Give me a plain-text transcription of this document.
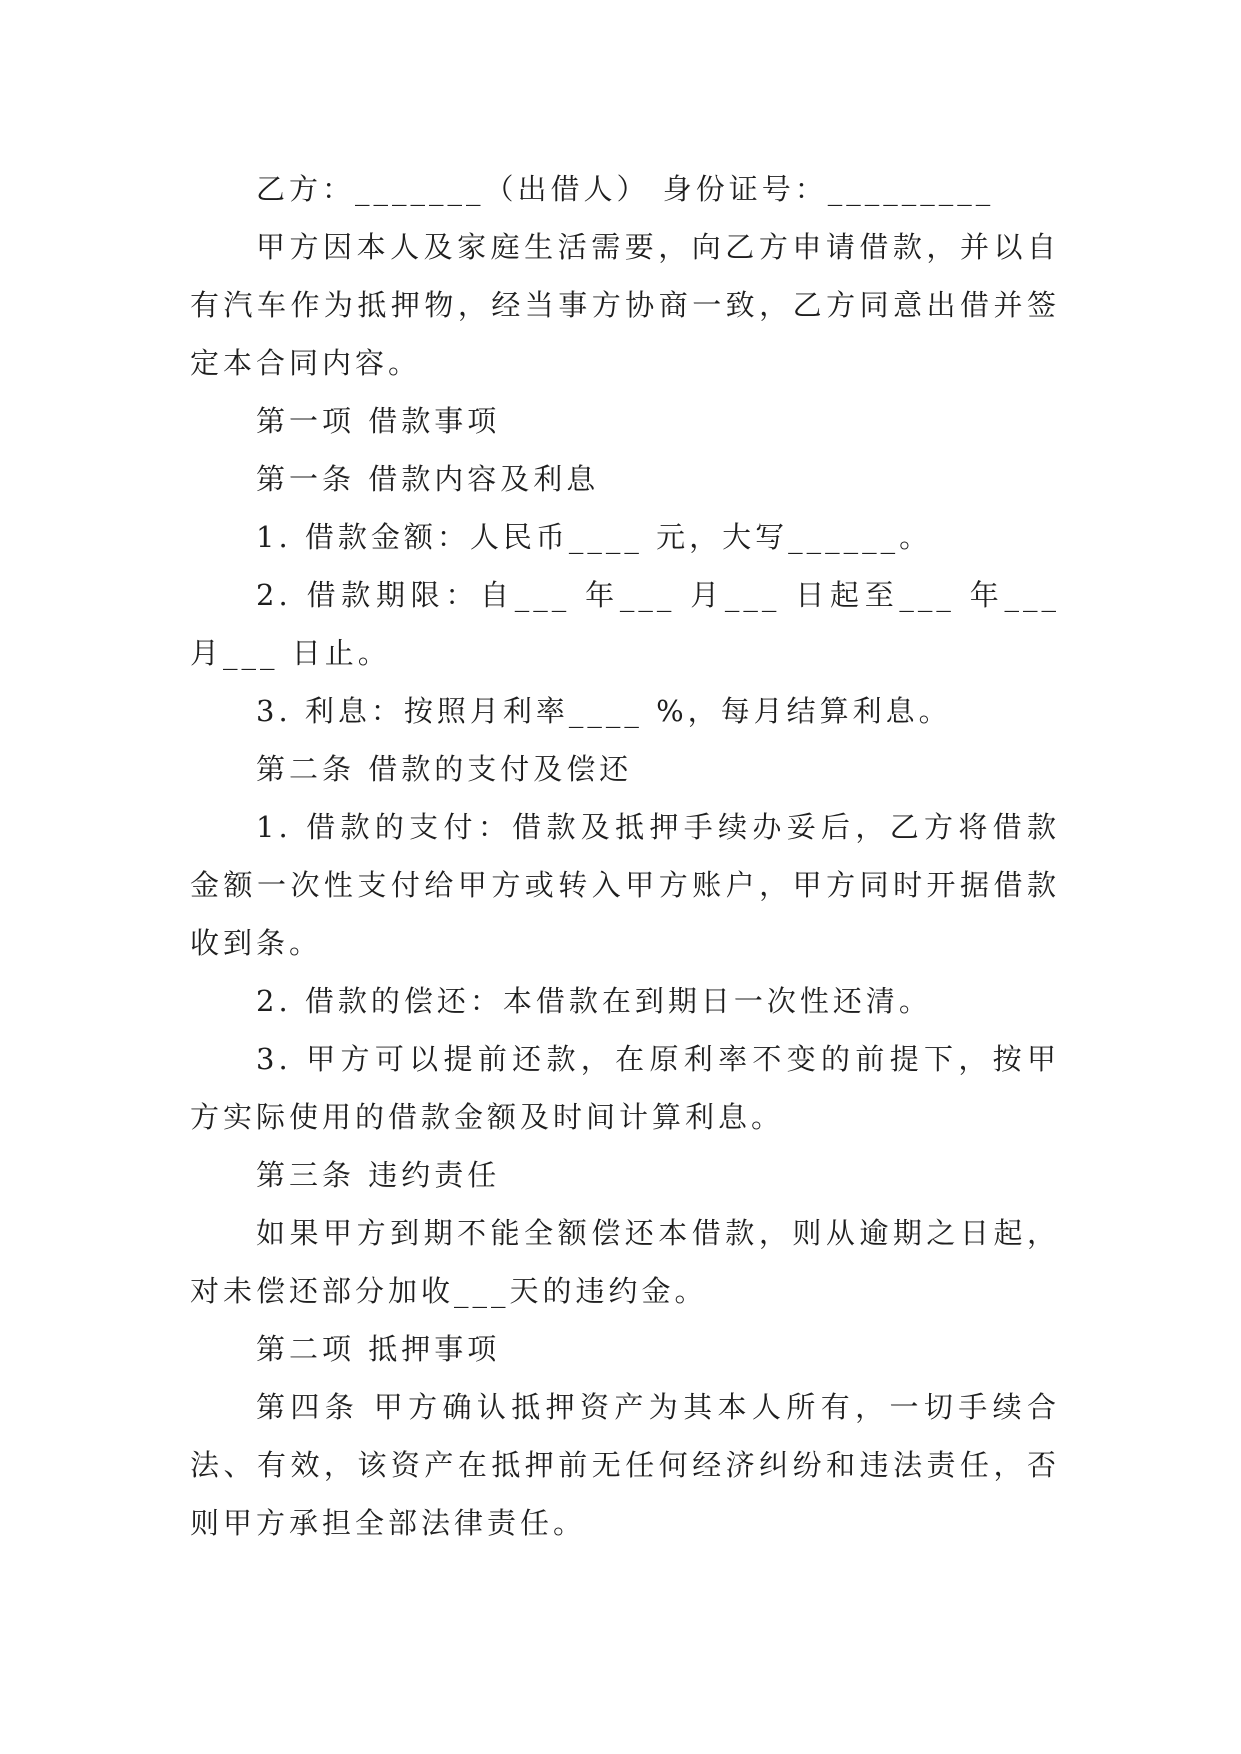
乙方：_______（出借人） 身份证号：_________

甲方因本人及家庭生活需要，向乙方申请借款，并以自有汽车作为抵押物，经当事方协商一致，乙方同意出借并签定本合同内容。

第一项 借款事项

第一条 借款内容及利息

1. 借款金额：人民币____ 元，大写______。

2. 借款期限：自___ 年___ 月___ 日起至___ 年___月___ 日止。

3. 利息：按照月利率____ %，每月结算利息。

第二条 借款的支付及偿还

1. 借款的支付：借款及抵押手续办妥后，乙方将借款金额一次性支付给甲方或转入甲方账户，甲方同时开据借款收到条。

2. 借款的偿还：本借款在到期日一次性还清。

3. 甲方可以提前还款，在原利率不变的前提下，按甲方实际使用的借款金额及时间计算利息。

第三条 违约责任

如果甲方到期不能全额偿还本借款，则从逾期之日起，对未偿还部分加收___天的违约金。

第二项 抵押事项

第四条 甲方确认抵押资产为其本人所有，一切手续合法、有效，该资产在抵押前无任何经济纠纷和违法责任，否则甲方承担全部法律责任。
